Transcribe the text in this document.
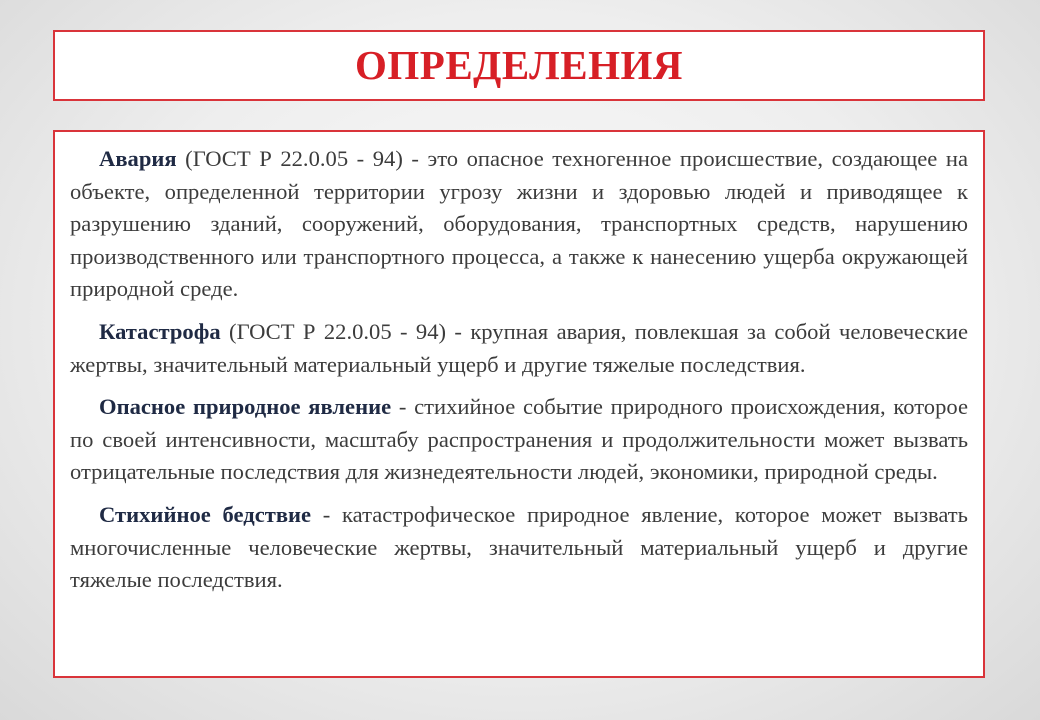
ОПРЕДЕЛЕНИЯ

Авария (ГОСТ Р 22.0.05 - 94) - это опасное техногенное происшествие, создающее на объекте, определенной территории угрозу жизни и здоровью людей и приводящее к разрушению зданий, сооружений, оборудования, транспортных средств, нарушению производственного или транспортного процесса, а также к нанесению ущерба окружающей природной среде.

Катастрофа (ГОСТ Р 22.0.05 - 94) - крупная авария, повлекшая за собой человеческие жертвы, значительный материальный ущерб и другие тяжелые последствия.

Опасное природное явление - стихийное событие природного происхождения, которое по своей интенсивности, масштабу распространения и продолжительности может вызвать отрицательные последствия для жизнедеятельности людей, экономики, природной среды.

Стихийное бедствие - катастрофическое природное явление, которое может вызвать многочисленные человеческие жертвы, значительный материальный ущерб и другие тяжелые последствия.
